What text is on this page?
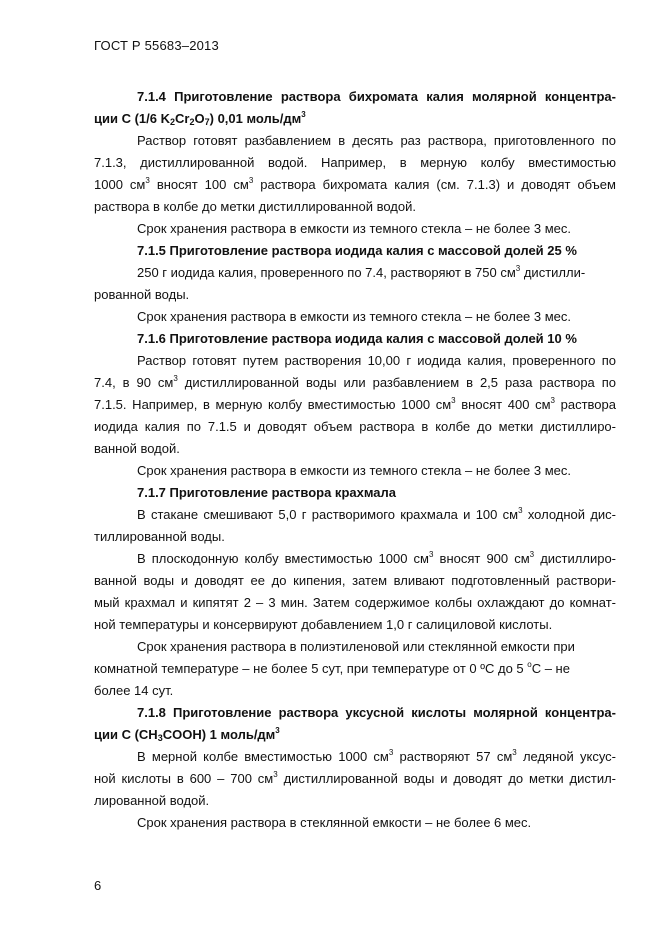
ГОСТ Р 55683–2013
7.1.4 Приготовление раствора бихромата калия молярной концентра-
ции С (1/6 $K_2Cr_2O_7$) 0,01 моль/$дм^3$
Раствор готовят разбавлением в десять раз раствора, приготовленного по
7.1.3, дистиллированной водой. Например, в мерную колбу вместимостью
1000 $см^3$ вносят 100 $см^3$ раствора бихромата калия (см. 7.1.3) и доводят объем
раствора в колбе до метки дистиллированной водой.
Срок хранения раствора в емкости из темного стекла – не более 3 мес.
7.1.5 Приготовление раствора иодида калия с массовой долей 25 %
250 г иодида калия, проверенного по 7.4, растворяют в 750 $см^3$ дистилли-
рованной воды.
Срок хранения раствора в емкости из темного стекла – не более 3 мес.
7.1.6 Приготовление раствора иодида калия с массовой долей 10 %
Раствор готовят путем растворения 10,00 г иодида калия, проверенного по
7.4, в 90 $см^3$ дистиллированной воды или разбавлением в 2,5 раза раствора по
7.1.5. Например, в мерную колбу вместимостью 1000 $см^3$ вносят 400 $см^3$ раствора
иодида калия по 7.1.5 и доводят объем раствора в колбе до метки дистиллиро-
ванной водой.
Срок хранения раствора в емкости из темного стекла – не более 3 мес.
7.1.7 Приготовление раствора крахмала
В стакане смешивают 5,0 г растворимого крахмала и 100 $см^3$ холодной дис-
тиллированной воды.
В плоскодонную колбу вместимостью 1000 $см^3$ вносят 900 $см^3$ дистиллиро-
ванной воды и доводят ее до кипения, затем вливают подготовленный раствори-
мый крахмал и кипятят 2 – 3 мин. Затем содержимое колбы охлаждают до комнат-
ной температуры и консервируют добавлением 1,0 г салициловой кислоты.
Срок хранения раствора в полиэтиленовой или стеклянной емкости при
комнатной температуре – не более 5 сут, при температуре от 0 ºC до 5 $^o$C – не
более 14 сут.
7.1.8 Приготовление раствора уксусной кислоты молярной концентра-
ции С $(CH_3COOH)$ 1 моль/$дм^3$
В мерной колбе вместимостью 1000 $см^3$ растворяют 57 $см^3$ ледяной уксус-
ной кислоты в 600 – 700 $см^3$ дистиллированной воды и доводят до метки дистил-
лированной водой.
Срок хранения раствора в стеклянной емкости – не более 6 мес.
6
